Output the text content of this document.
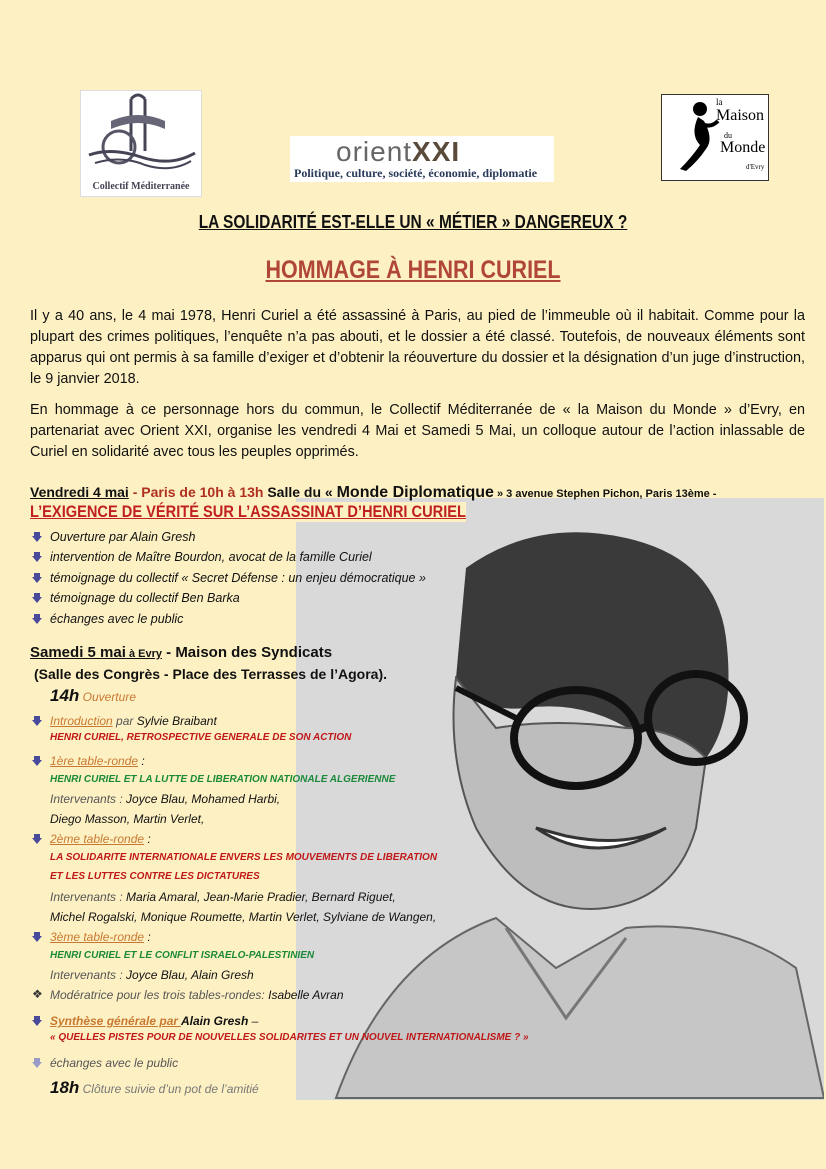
Collectif Méditerranée
orientXXI
Politique, culture, société, économie, diplomatie
la
Maison
du
Monde
d'Evry
LA SOLIDARITÉ EST-ELLE UN « MÉTIER » DANGEREUX ?
HOMMAGE À HENRI CURIEL
Il y a 40 ans, le 4 mai 1978, Henri Curiel a été assassiné à Paris, au pied de l’immeuble où il habitait. Comme pour la plupart des crimes politiques, l’enquête n’a pas abouti, et le dossier a été classé. Toutefois, de nouveaux éléments sont apparus qui ont permis à sa famille d’exiger et d’obtenir la réouverture du dossier et la désignation d’un juge d’instruction, le 9 janvier 2018.
En hommage à ce personnage hors du commun, le Collectif Méditerranée de « la Maison du Monde » d’Evry, en partenariat avec Orient XXI, organise les vendredi 4 Mai et Samedi 5 Mai, un colloque autour de l’action inlassable de Curiel en solidarité avec tous les peuples opprimés.
Vendredi 4 mai - Paris de 10h à 13h Salle du « Monde Diplomatique » 3 avenue Stephen Pichon, Paris 13ème -
L’EXIGENCE DE VÉRITÉ SUR L’ASSASSINAT D’HENRI CURIEL
Ouverture par Alain Gresh
intervention de Maître Bourdon, avocat de la famille Curiel
témoignage du collectif « Secret Défense : un enjeu démocratique »
témoignage du collectif Ben Barka
échanges avec le public
Samedi 5 mai à Evry - Maison des Syndicats
(Salle des Congrès - Place des Terrasses de l’Agora).
14h Ouverture
Introduction par Sylvie Braibant
HENRI CURIEL, RETROSPECTIVE GENERALE DE SON ACTION
1ère table-ronde :
HENRI CURIEL ET LA LUTTE DE LIBERATION NATIONALE ALGERIENNE
Intervenants : Joyce Blau, Mohamed Harbi,
Diego Masson, Martin Verlet,
2ème table-ronde :
LA SOLIDARITE INTERNATIONALE ENVERS LES MOUVEMENTS DE LIBERATION
ET LES LUTTES CONTRE LES DICTATURES
Intervenants : Maria Amaral, Jean-Marie Pradier, Bernard Riguet,
Michel Rogalski, Monique Roumette, Martin Verlet, Sylviane de Wangen,
3ème table-ronde :
HENRI CURIEL ET LE CONFLIT ISRAELO-PALESTINIEN
Intervenants : Joyce Blau, Alain Gresh
❖ Modératrice pour les trois tables-rondes: Isabelle Avran
Synthèse générale par Alain Gresh –
« QUELLES PISTES POUR DE NOUVELLES SOLIDARITES ET UN NOUVEL INTERNATIONALISME ? »
échanges avec le public
18h Clôture suivie d’un pot de l’amitié
